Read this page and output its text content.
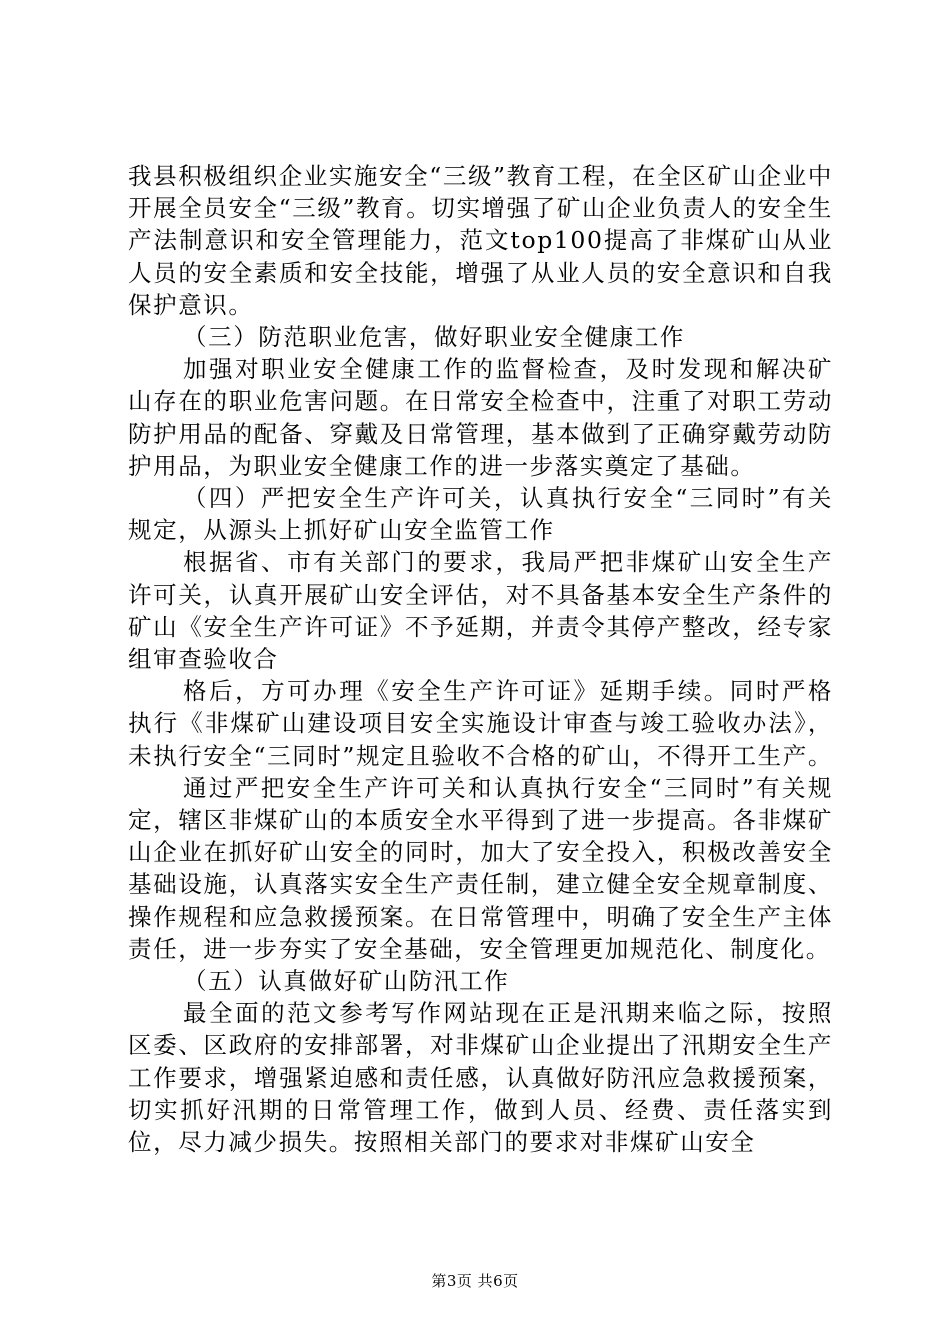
我县积极组织企业实施安全“三级”教育工程，在全区矿山企业中开展全员安全“三级”教育。切实增强了矿山企业负责人的安全生产法制意识和安全管理能力，范文top100提高了非煤矿山从业人员的安全素质和安全技能，增强了从业人员的安全意识和自我保护意识。

（三）防范职业危害，做好职业安全健康工作

加强对职业安全健康工作的监督检查，及时发现和解决矿山存在的职业危害问题。在日常安全检查中，注重了对职工劳动防护用品的配备、穿戴及日常管理，基本做到了正确穿戴劳动防护用品，为职业安全健康工作的进一步落实奠定了基础。

（四）严把安全生产许可关，认真执行安全“三同时”有关规定，从源头上抓好矿山安全监管工作

根据省、市有关部门的要求，我局严把非煤矿山安全生产许可关，认真开展矿山安全评估，对不具备基本安全生产条件的矿山《安全生产许可证》不予延期，并责令其停产整改，经专家组审查验收合

格后，方可办理《安全生产许可证》延期手续。同时严格执行《非煤矿山建设项目安全实施设计审查与竣工验收办法》，未执行安全“三同时”规定且验收不合格的矿山，不得开工生产。

通过严把安全生产许可关和认真执行安全“三同时”有关规定，辖区非煤矿山的本质安全水平得到了进一步提高。各非煤矿山企业在抓好矿山安全的同时，加大了安全投入，积极改善安全基础设施，认真落实安全生产责任制，建立健全安全规章制度、操作规程和应急救援预案。在日常管理中，明确了安全生产主体责任，进一步夯实了安全基础，安全管理更加规范化、制度化。

（五）认真做好矿山防汛工作

最全面的范文参考写作网站现在正是汛期来临之际，按照区委、区政府的安排部署，对非煤矿山企业提出了汛期安全生产工作要求，增强紧迫感和责任感，认真做好防汛应急救援预案，切实抓好汛期的日常管理工作，做到人员、经费、责任落实到位，尽力减少损失。按照相关部门的要求对非煤矿山安全

第3页 共6页
